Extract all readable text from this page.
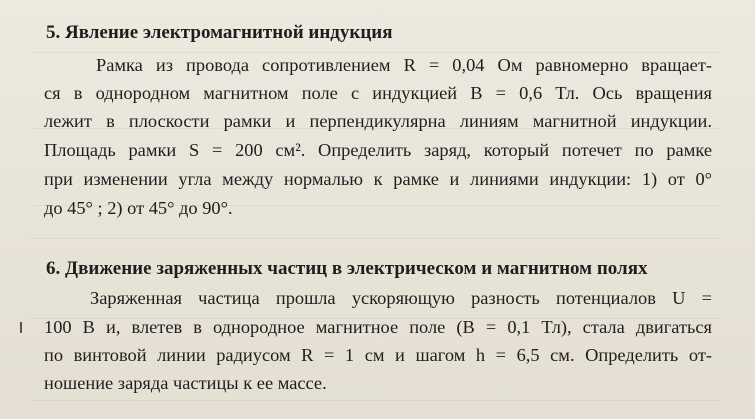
5. Явление электромагнитной индукция
Рамка из провода сопротивлением R = 0,04 Ом равномерно вращает-
ся в однородном магнитном поле с индукцией B = 0,6 Тл. Ось вращения
лежит в плоскости рамки и перпендикулярна линиям магнитной индукции.
Площадь рамки S = 200 см². Определить заряд, который потечет по рамке
при изменении угла между нормалью к рамке и линиями индукции: 1) от 0°
до 45° ; 2) от 45° до 90°.
6. Движение заряженных частиц в электрическом и магнитном полях
Заряженная частица прошла ускоряющую разность потенциалов U =
100 В и, влетев в однородное магнитное поле (B = 0,1 Тл), стала двигаться
по винтовой линии радиусом R = 1 см и шагом h = 6,5 см. Определить от-
ношение заряда частицы к ее массе.
